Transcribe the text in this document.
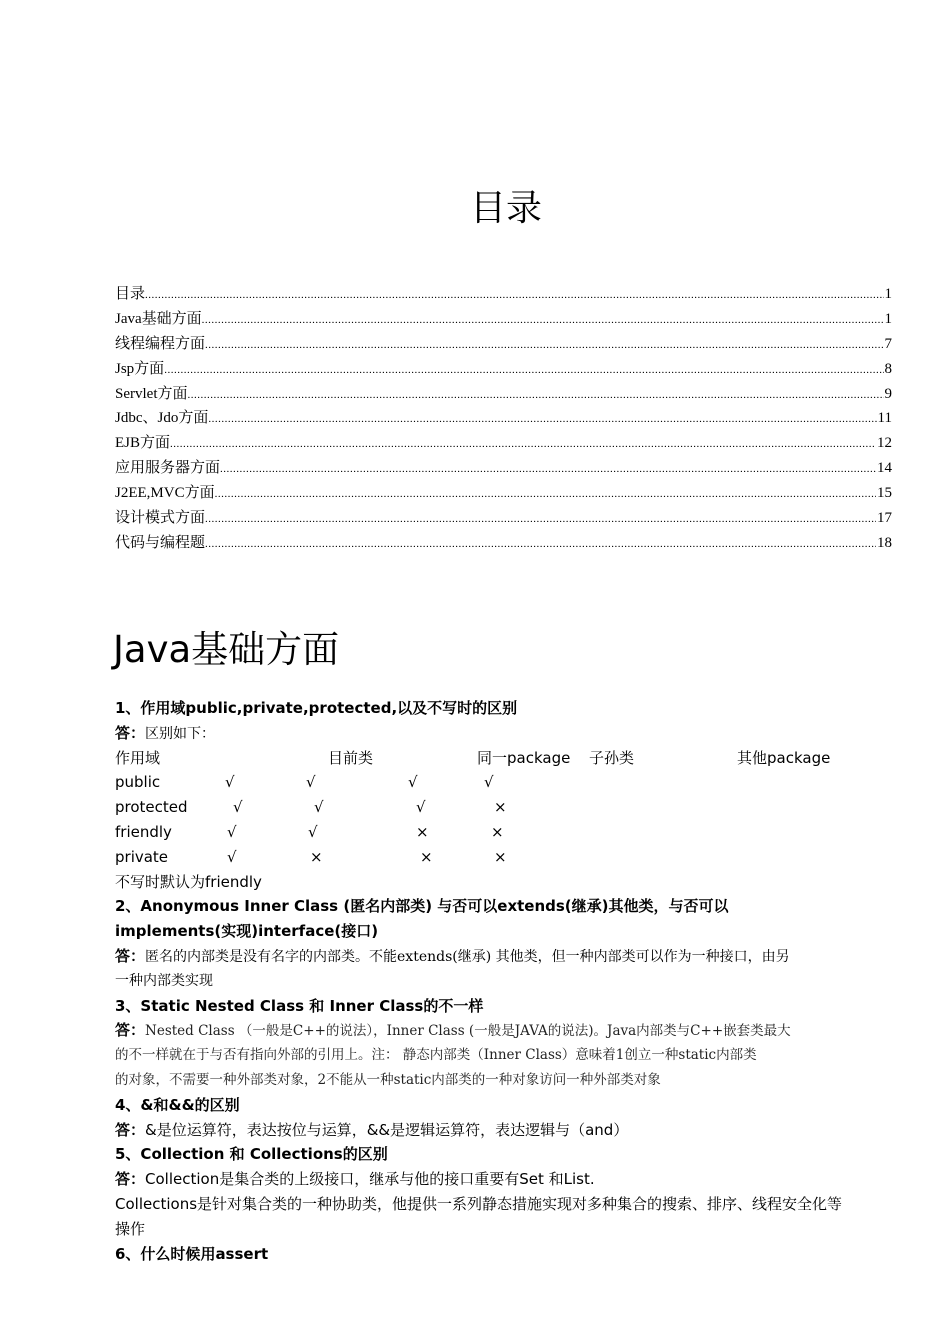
目录
目录 .....	1
Java基础方面 .....	1
线程编程方面 .....	7
Jsp方面 .....	8
Servlet方面 .....	9
Jdbc、Jdo方面 .....	11
EJB方面 .....	12
应用服务器方面 .....	14
J2EE,MVC方面 .....	15
设计模式方面 .....	17
代码与编程题 .....	18
Java基础方面
1、作用域public,private,protected,以及不写时的区别
答：区别如下：
作用域	目前类	同一package 子孙类	其他package
public	√	√	√	√
protected	√	√	√	×
friendly	√	√	×	×
private	√	×	×	×
不写时默认为friendly
2、Anonymous Inner Class (匿名内部类) 与否可以extends(继承)其他类，与否可以
implements(实现)interface(接口)
答：匿名的内部类是没有名字的内部类。不能extends(继承) 其他类，但一种内部类可以作为一种接口，由另
一种内部类实现
3、Static Nested Class 和 Inner Class的不一样
答：Nested Class （一般是C++的说法），Inner Class (一般是JAVA的说法)。Java内部类与C++嵌套类最大
的不一样就在于与否有指向外部的引用上。注： 静态内部类（Inner Class）意味着1创立一种static内部类
的对象，不需要一种外部类对象，2不能从一种static内部类的一种对象访问一种外部类对象
4、&和&&的区别
答：&是位运算符，表达按位与运算，&&是逻辑运算符，表达逻辑与（and）
5、Collection 和 Collections的区别
答：Collection是集合类的上级接口，继承与他的接口重要有Set 和List.
Collections是针对集合类的一种协助类，他提供一系列静态措施实现对多种集合的搜索、排序、线程安全化等
操作
6、什么时候用assert
